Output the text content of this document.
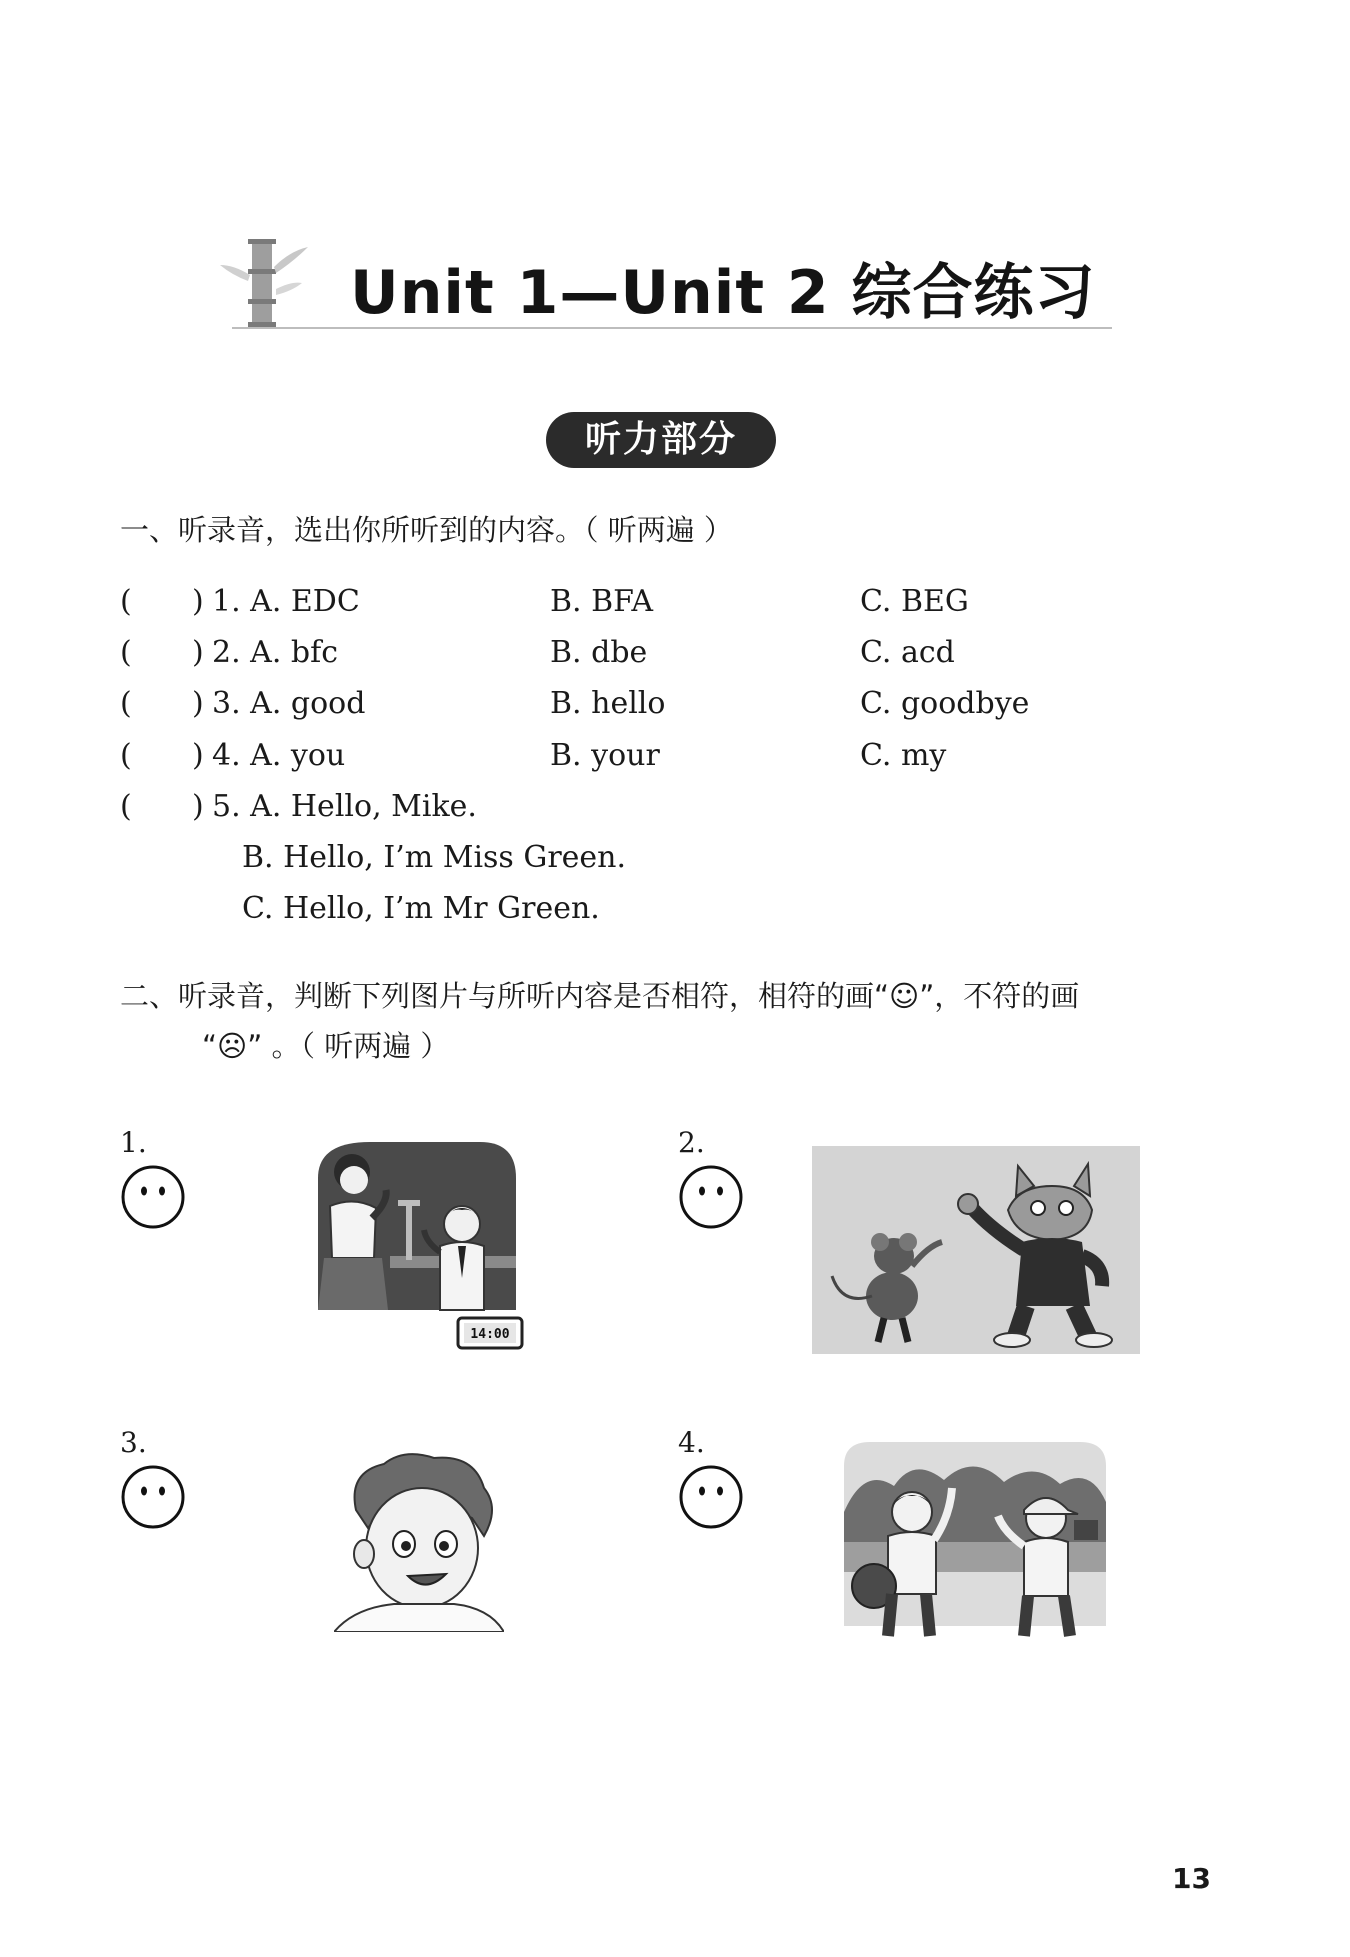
Unit 1—Unit 2 综合练习
听力部分
一、听录音，选出你所听到的内容。（ 听两遍 ）
( ) 1. A. EDC	B. BFA	C. BEG
( ) 2. A. bfc	B. dbe	C. acd
( ) 3. A. good	B. hello	C. goodbye
( ) 4. A. you	B. your	C. my
( ) 5. A. Hello, Mike.
B. Hello, I’m Miss Green.
C. Hello, I’m Mr Green.
二、听录音，判断下列图片与所听内容是否相符，相符的画“☺”，不符的画
“☹” 。（ 听两遍 ）
1.
14:00
2.
3.	4.
13
